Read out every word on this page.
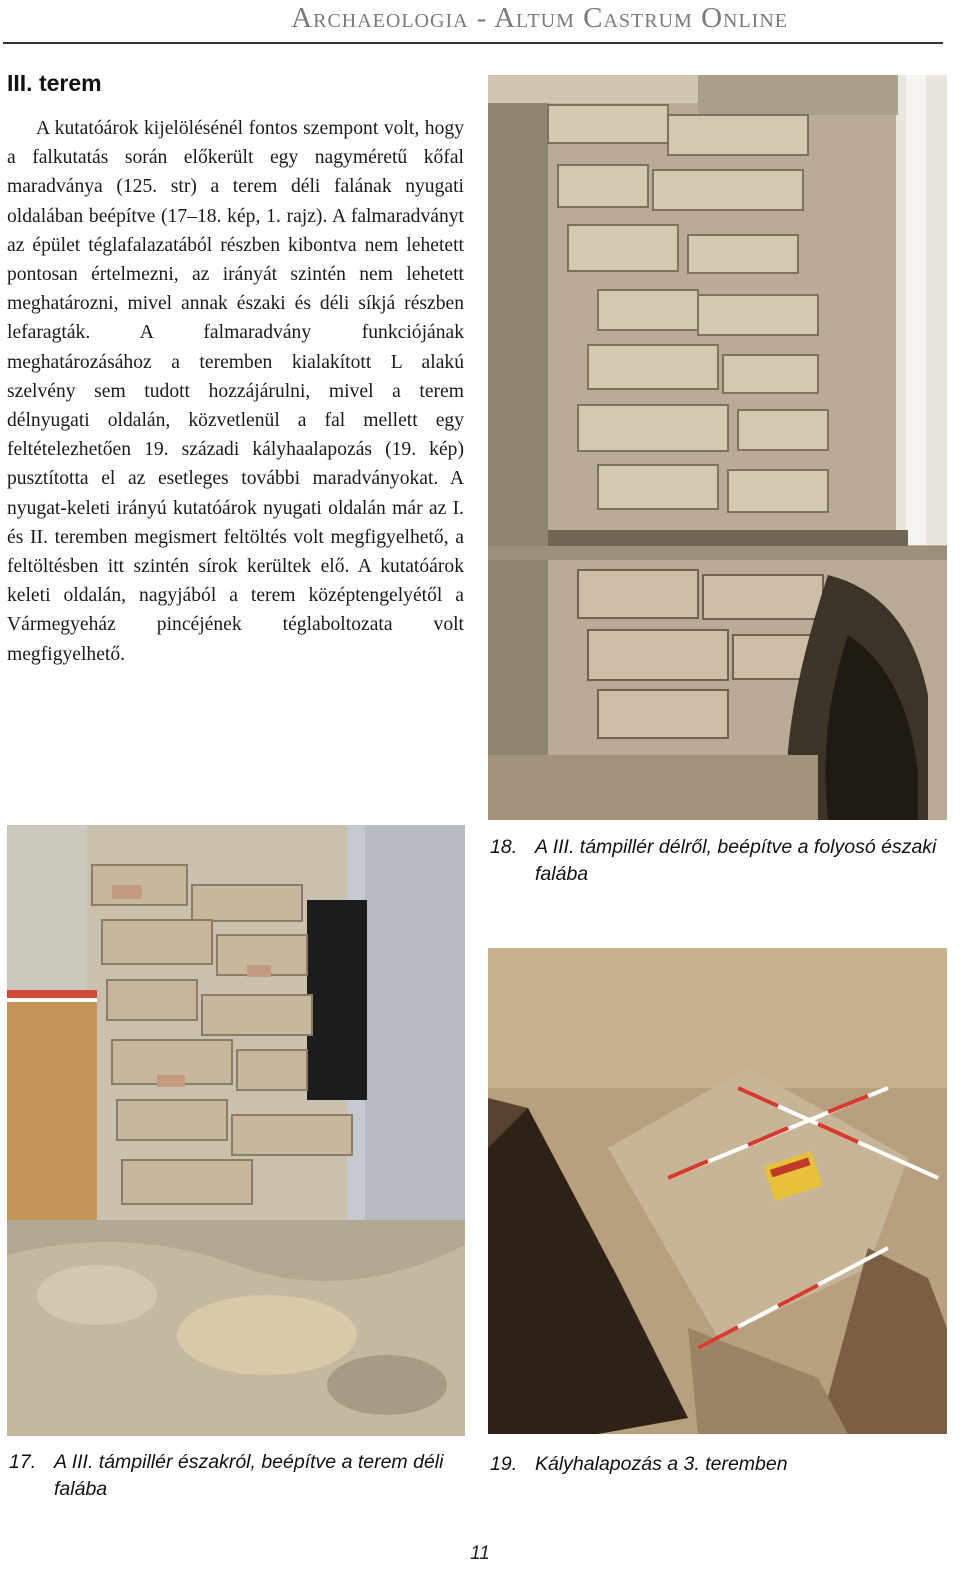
Archaeologia - Altum Castrum Online
III. terem

A kutatóárok kijelölésénél fontos szempont volt, hogy a falkutatás során előkerült egy nagyméretű kőfal maradványa (125. str) a terem déli falának nyugati oldalában beépítve (17–18. kép, 1. rajz). A falmaradványt az épület téglafalazatából részben kibontva nem lehetett pontosan értelmezni, az irányát szintén nem lehetett meghatározni, mivel annak északi és déli síkjá részben lefaragták. A falmaradvány funkciójának meghatározásához a teremben kialakított L alakú szelvény sem tudott hozzájárulni, mivel a terem délnyugati oldalán, közvetlenül a fal mellett egy feltételezhetően 19. századi kályhaalapozás (19. kép) pusztította el az esetleges további maradványokat. A nyugat-keleti irányú kutatóárok nyugati oldalán már az I. és II. teremben megismert feltöltés volt megfigyelhető, a feltöltésben itt szintén sírok kerültek elő. A kutatóárok keleti oldalán, nagyjából a terem középtengelyétől a Vármegyeház pincéjének téglaboltozata volt megfigyelhető.

18. A III. támpillér délről, beépítve a folyosó északi falába
17. A III. támpillér északról, beépítve a terem déli falába
19. Kályhalapozás a 3. teremben
11
